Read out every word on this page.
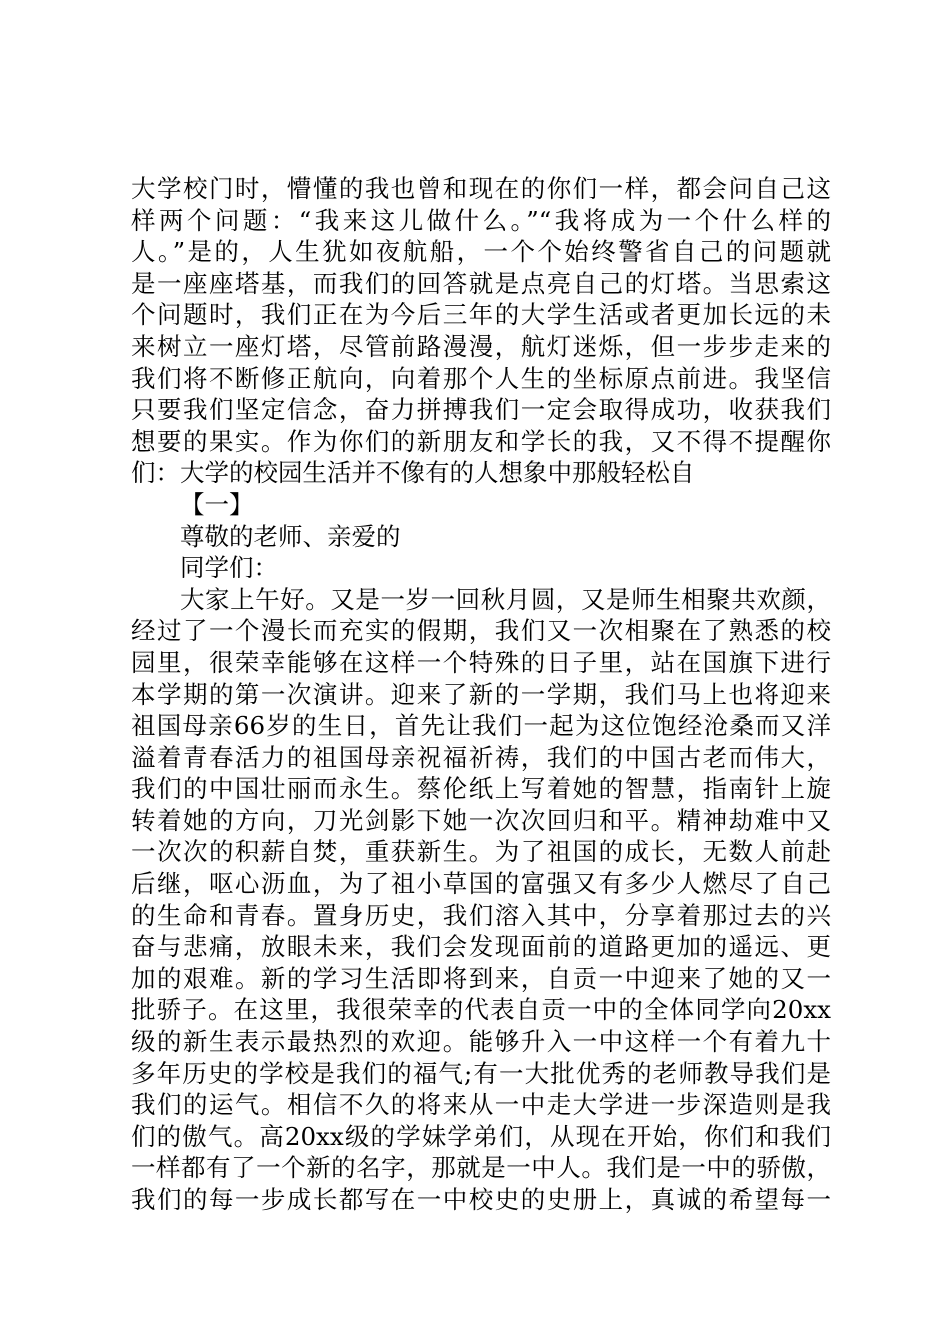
大学校门时，懵懂的我也曾和现在的你们一样，都会问自己这
样两个问题：“我来这儿做什么。”“我将成为一个什么样的
人。”是的，人生犹如夜航船，一个个始终警省自己的问题就
是一座座塔基，而我们的回答就是点亮自己的灯塔。当思索这
个问题时，我们正在为今后三年的大学生活或者更加长远的未
来树立一座灯塔，尽管前路漫漫，航灯迷烁，但一步步走来的
我们将不断修正航向，向着那个人生的坐标原点前进。我坚信
只要我们坚定信念，奋力拼搏我们一定会取得成功，收获我们
想要的果实。作为你们的新朋友和学长的我，又不得不提醒你
们：大学的校园生活并不像有的人想象中那般轻松自
【一】
尊敬的老师、亲爱的
同学们：
大家上午好。又是一岁一回秋月圆，又是师生相聚共欢颜，
经过了一个漫长而充实的假期，我们又一次相聚在了熟悉的校
园里，很荣幸能够在这样一个特殊的日子里，站在国旗下进行
本学期的第一次演讲。迎来了新的一学期，我们马上也将迎来
祖国母亲66岁的生日，首先让我们一起为这位饱经沧桑而又洋
溢着青春活力的祖国母亲祝福祈祷，我们的中国古老而伟大，
我们的中国壮丽而永生。蔡伦纸上写着她的智慧，指南针上旋
转着她的方向，刀光剑影下她一次次回归和平。精神劫难中又
一次次的积薪自焚，重获新生。为了祖国的成长，无数人前赴
后继，呕心沥血，为了祖小草国的富强又有多少人燃尽了自己
的生命和青春。置身历史，我们溶入其中，分享着那过去的兴
奋与悲痛，放眼未来，我们会发现面前的道路更加的遥远、更
加的艰难。新的学习生活即将到来，自贡一中迎来了她的又一
批骄子。在这里，我很荣幸的代表自贡一中的全体同学向20xx
级的新生表示最热烈的欢迎。能够升入一中这样一个有着九十
多年历史的学校是我们的福气;有一大批优秀的老师教导我们是
我们的运气。相信不久的将来从一中走大学进一步深造则是我
们的傲气。高20xx级的学妹学弟们，从现在开始，你们和我们
一样都有了一个新的名字，那就是一中人。我们是一中的骄傲，
我们的每一步成长都写在一中校史的史册上，真诚的希望每一
